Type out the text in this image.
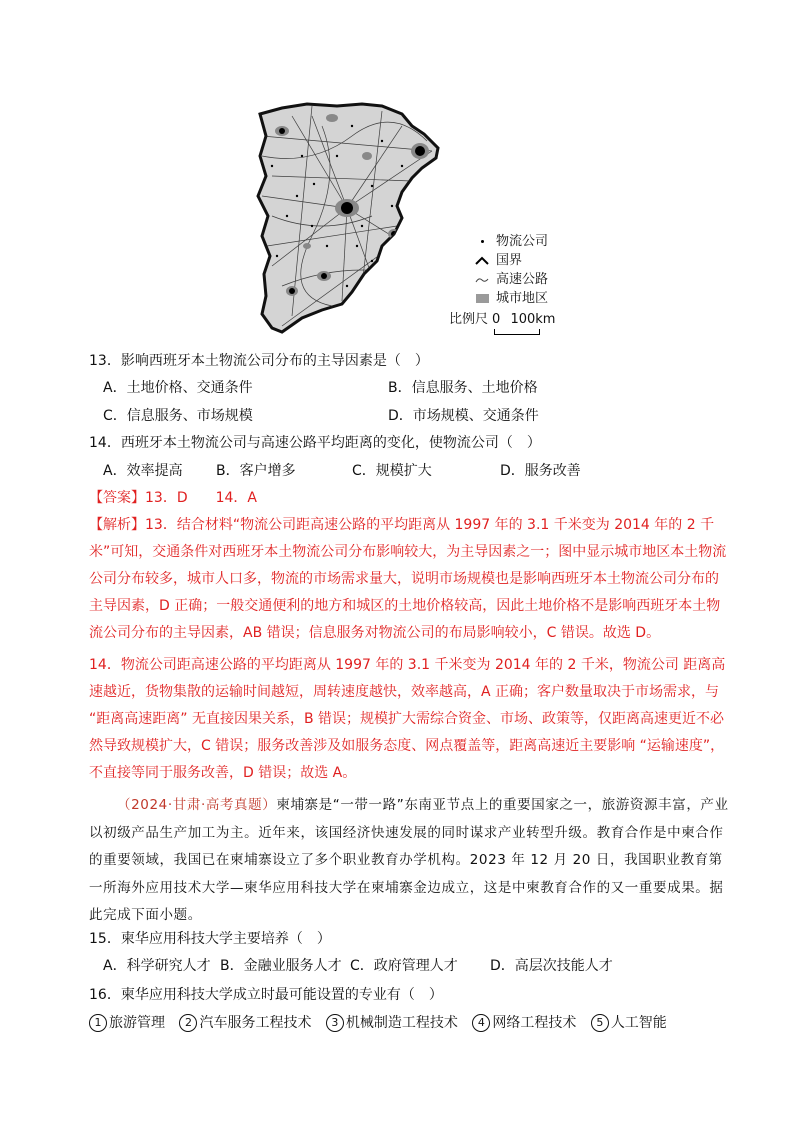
物流公司
国界
高速公路
城市地区
比例尺 0 100km
13．影响西班牙本土物流公司分布的主导因素是（　）
A．土地价格、交通条件	B．信息服务、土地价格
C．信息服务、市场规模	D．市场规模、交通条件
14．西班牙本土物流公司与高速公路平均距离的变化，使物流公司（　）
A．效率提高 B．客户增多	C．规模扩大	D．服务改善
【答案】13．D　　14．A
【解析】13．结合材料“物流公司距高速公路的平均距离从 1997 年的 3.1 千米变为 2014 年的 2 千米”可知，交通条件对西班牙本土物流公司分布影响较大，为主导因素之一；图中显示城市地区本土物流公司分布较多，城市人口多，物流的市场需求量大，说明市场规模也是影响西班牙本土物流公司分布的主导因素，D 正确；一般交通便利的地方和城区的土地价格较高，因此土地价格不是影响西班牙本土物流公司分布的主导因素，AB 错误；信息服务对物流公司的布局影响较小，C 错误。故选 D。
14．物流公司距高速公路的平均距离从 1997 年的 3.1 千米变为 2014 年的 2 千米，物流公司 距离高速越近，货物集散的运输时间越短，周转速度越快，效率越高，A 正确；客户数量取决于市场需求，与 “距离高速距离” 无直接因果关系，B 错误；规模扩大需综合资金、市场、政策等，仅距离高速更近不必然导致规模扩大，C 错误；服务改善涉及如服务态度、网点覆盖等，距离高速近主要影响 “运输速度”，不直接等同于服务改善，D 错误；故选 A。
（2024·甘肃·高考真题）柬埔寨是“一带一路”东南亚节点上的重要国家之一，旅游资源丰富，产业以初级产品生产加工为主。近年来，该国经济快速发展的同时谋求产业转型升级。教育合作是中柬合作的重要领域，我国已在柬埔寨设立了多个职业教育办学机构。2023 年 12 月 20 日，我国职业教育第一所海外应用技术大学—柬华应用科技大学在柬埔寨金边成立，这是中柬教育合作的又一重要成果。据此完成下面小题。
15．柬华应用科技大学主要培养（　）
A．科学研究人才 B．金融业服务人才 C．政府管理人才 D．高层次技能人才
16．柬华应用科技大学成立时最可能设置的专业有（　）
1 旅游管理 2 汽车服务工程技术 3 机械制造工程技术 4 网络工程技术 5 人工智能
